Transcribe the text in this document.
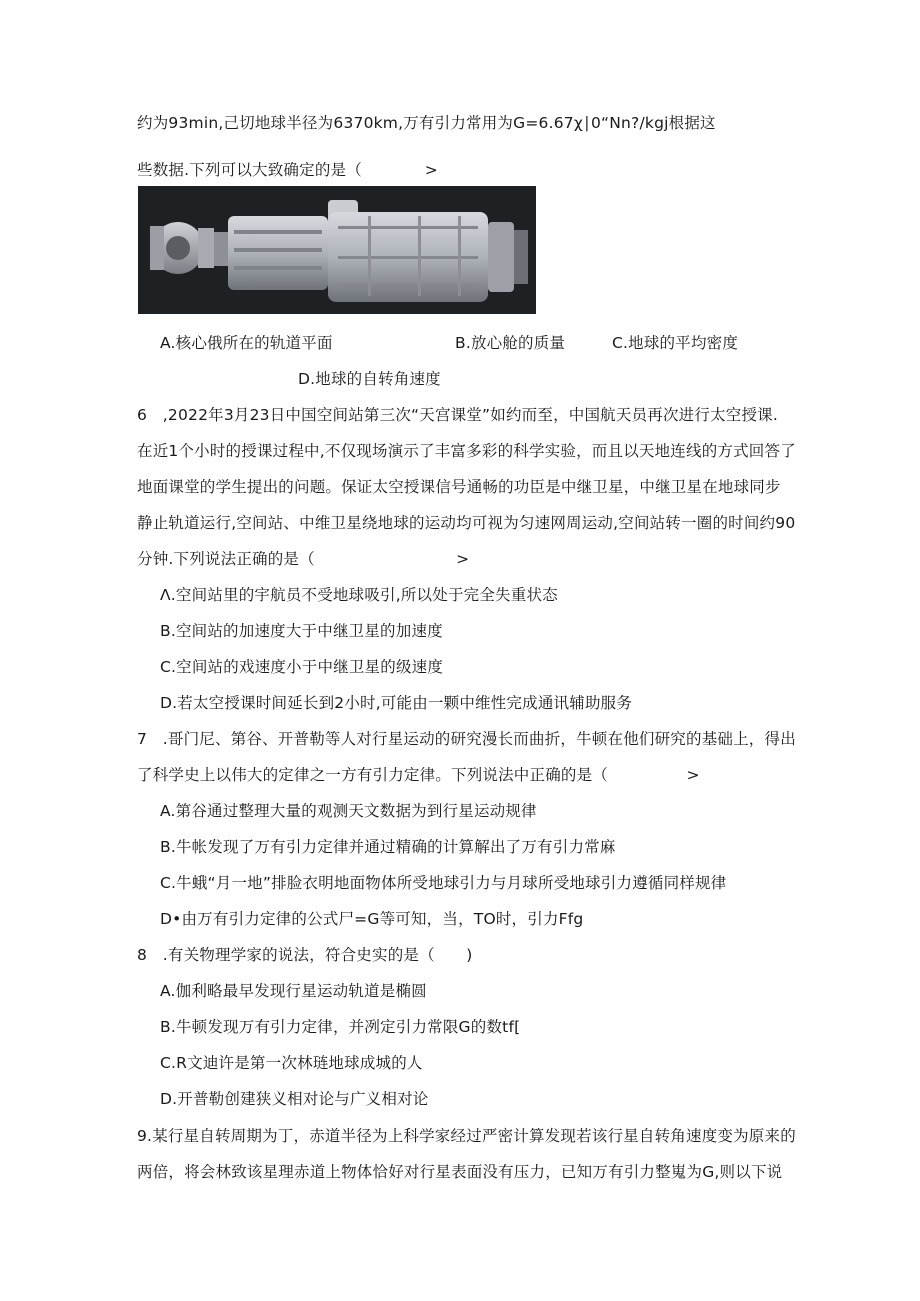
约为93min,己切地球半径为6370km,万有引力常用为G=6.67χ∣0“Nn?/kgj根据这
些数据.下列可以大致确定的是（　　　　>
A.核心俄所在的轨道平面	B.放心舱的质量	C.地球的平均密度
D.地球的自转角速度
6　,2022年3月23日中国空间站第三次“天宫课堂”如约而至，中国航天员再次进行太空授课.
在近1个小时的授课过程中,不仅现场演示了丰富多彩的科学实验，而且以天地连线的方式回答了
地面课堂的学生提出的问题。保证太空授课信号通畅的功臣是中继卫星，中继卫星在地球同步
静止轨道运行,空间站、中维卫星绕地球的运动均可视为匀速网周运动,空间站转一圈的时间约90
分钟.下列说法正确的是（　　　　　　　　　>
Λ.空间站里的宇航员不受地球吸引,所以处于完全失重状态
B.空间站的加速度大于中继卫星的加速度
C.空间站的戏速度小于中继卫星的级速度
D.若太空授课时间延长到2小时,可能由一颗中维性完成通讯辅助服务
7　.哥门尼、第谷、开普勒等人对行星运动的研究漫长而曲折，牛顿在他们研究的基础上，得出
了科学史上以伟大的定律之一方有引力定律。下列说法中正确的是（　　　　　>
A.第谷通过整理大量的观测天文数据为到行星运动规律
B.牛帐发现了万有引力定律并通过精确的计算解出了万有引力常麻
C.牛蛾“月一地”排脸衣明地面物体所受地球引力与月球所受地球引力遵循同样规律
D•由万有引力定律的公式尸=G等可知，当，TO时，引力Ffg
8　.有关物理学家的说法，符合史实的是（　　)
A.伽利略最早发现行星运动轨道是椭圆
B.牛顿发现万有引力定律，并冽定引力常限G的数tf[
C.R文迪许是第一次林琏地球成城的人
D.开普勒创建狭义相对论与广义相对论
9.某行星自转周期为丁，赤道半径为上科学家经过严密计算发现若该行星自转角速度变为原来的
两倍，将会林致该星理赤道上物体恰好对行星表面没有压力，已知万有引力整嵬为G,则以下说
